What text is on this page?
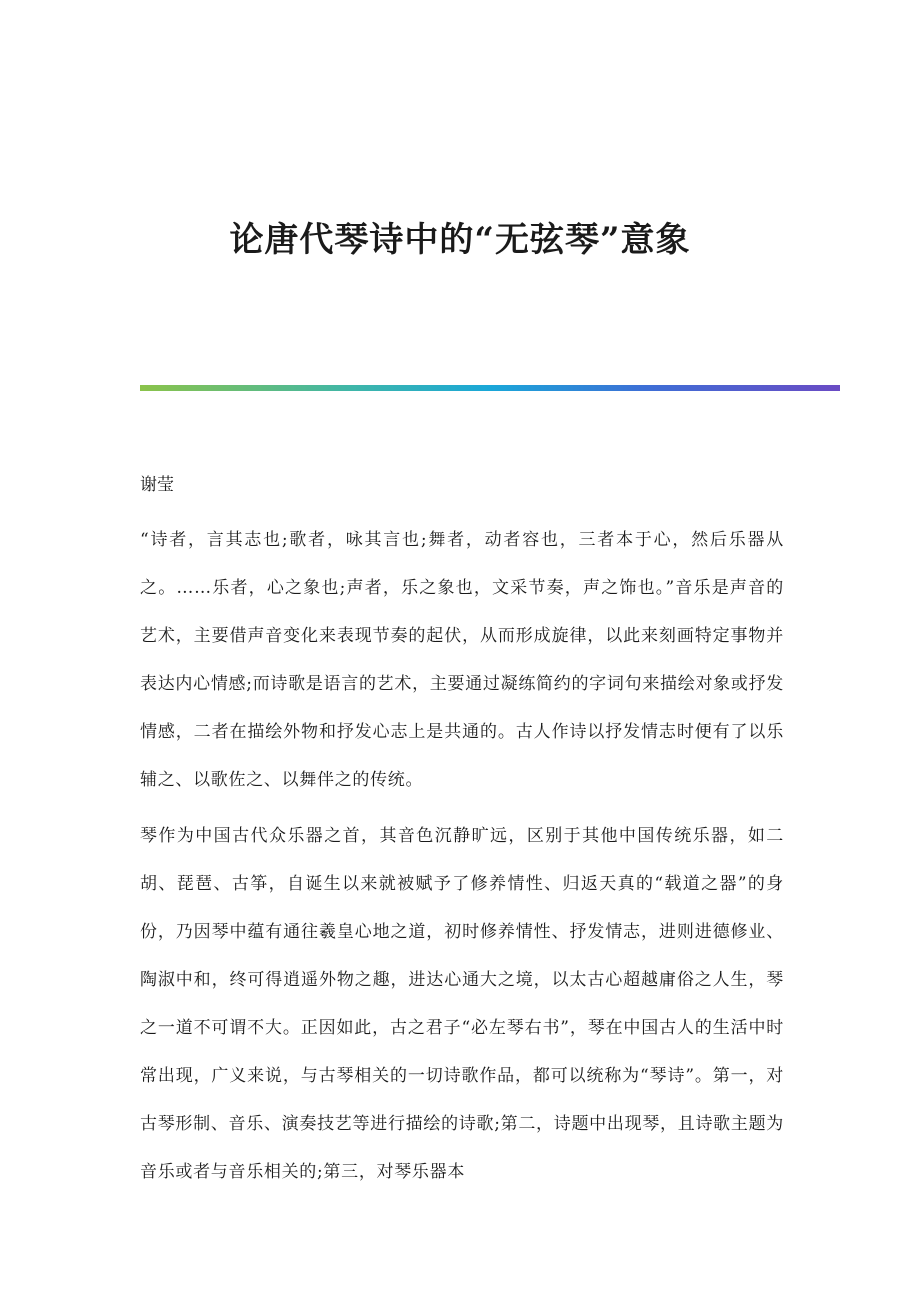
论唐代琴诗中的“无弦琴”意象

谢莹

“诗者，言其志也;歌者，咏其言也;舞者，动者容也，三者本于心，然后乐器从之。……乐者，心之象也;声者，乐之象也，文采节奏，声之饰也。”音乐是声音的艺术，主要借声音变化来表现节奏的起伏，从而形成旋律，以此来刻画特定事物并表达内心情感;而诗歌是语言的艺术，主要通过凝练简约的字词句来描绘对象或抒发情感，二者在描绘外物和抒发心志上是共通的。古人作诗以抒发情志时便有了以乐辅之、以歌佐之、以舞伴之的传统。

琴作为中国古代众乐器之首，其音色沉静旷远，区别于其他中国传统乐器，如二胡、琵琶、古筝，自诞生以来就被赋予了修养情性、归返天真的“载道之器”的身份，乃因琴中蕴有通往羲皇心地之道，初时修养情性、抒发情志，进则进德修业、陶淑中和，终可得逍遥外物之趣，进达心通大之境，以太古心超越庸俗之人生，琴之一道不可谓不大。正因如此，古之君子“必左琴右书”，琴在中国古人的生活中时常出现，广义来说，与古琴相关的一切诗歌作品，都可以统称为“琴诗”。第一，对古琴形制、音乐、演奏技艺等进行描绘的诗歌;第二，诗题中出现琴，且诗歌主题为音乐或者与音乐相关的;第三，对琴乐器本
